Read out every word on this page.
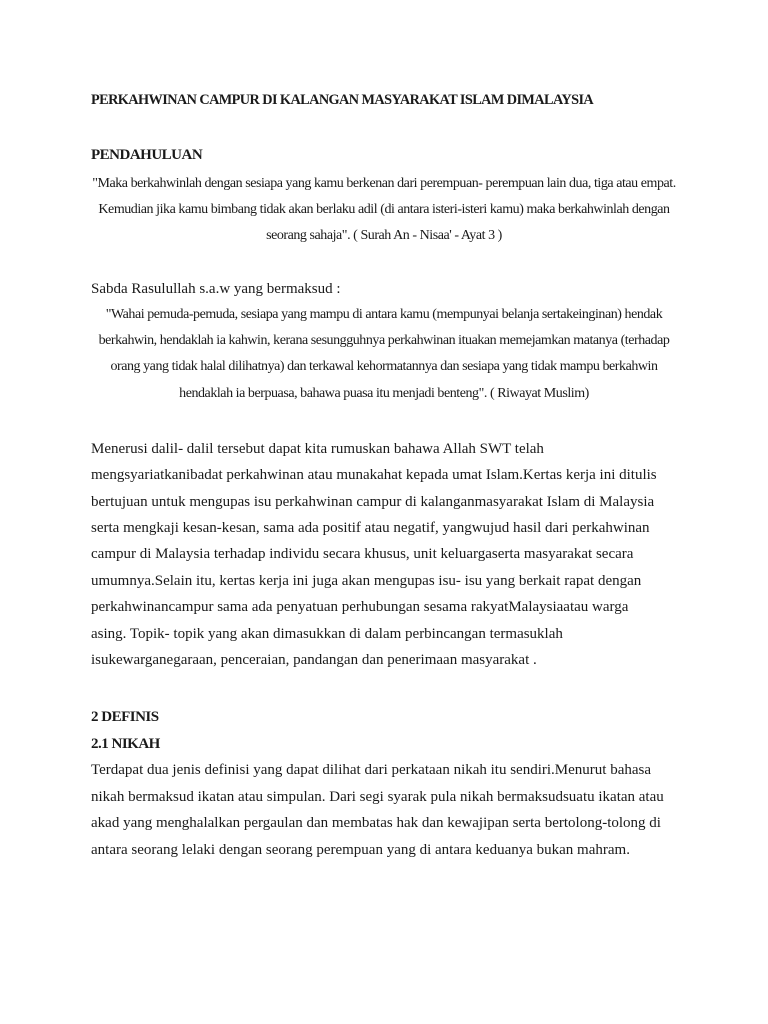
PERKAHWINAN CAMPUR DI KALANGAN MASYARAKAT ISLAM DIMALAYSIA
PENDAHULUAN
"Maka berkahwinlah dengan sesiapa yang kamu berkenan dari perempuan- perempuan lain dua, tiga atau empat.
Kemudian jika kamu bimbang tidak akan berlaku adil (di antara isteri-isteri kamu) maka berkahwinlah dengan
seorang sahaja". ( Surah An - Nisaa' - Ayat 3 )
Sabda Rasulullah s.a.w yang bermaksud :
"Wahai pemuda-pemuda, sesiapa yang mampu di antara kamu (mempunyai belanja sertakeinginan) hendak
berkahwin, hendaklah ia kahwin, kerana sesungguhnya perkahwinan ituakan memejamkan matanya (terhadap
orang yang tidak halal dilihatnya) dan terkawal kehormatannya dan sesiapa yang tidak mampu berkahwin
hendaklah ia berpuasa, bahawa puasa itu menjadi benteng". ( Riwayat Muslim)
Menerusi dalil- dalil tersebut dapat kita rumuskan bahawa Allah SWT telah
mengsyariatkanibadat perkahwinan atau munakahat kepada umat Islam.Kertas kerja ini ditulis
bertujuan untuk mengupas isu perkahwinan campur di kalanganmasyarakat Islam di Malaysia
serta mengkaji kesan-kesan, sama ada positif atau negatif, yangwujud hasil dari perkahwinan
campur di Malaysia terhadap individu secara khusus, unit keluargaserta masyarakat secara
umumnya.Selain itu, kertas kerja ini juga akan mengupas isu- isu yang berkait rapat dengan
perkahwinancampur sama ada penyatuan perhubungan sesama rakyatMalaysiaatau warga
asing. Topik- topik yang akan dimasukkan di dalam perbincangan termasuklah
isukewarganegaraan, penceraian, pandangan dan penerimaan masyarakat .
2 DEFINIS
2.1 NIKAH
Terdapat dua jenis definisi yang dapat dilihat dari perkataan nikah itu sendiri.Menurut bahasa
nikah bermaksud ikatan atau simpulan. Dari segi syarak pula nikah bermaksudsuatu ikatan atau
akad yang menghalalkan pergaulan dan membatas hak dan kewajipan serta bertolong-tolong di
antara seorang lelaki dengan seorang perempuan yang di antara keduanya bukan mahram.
